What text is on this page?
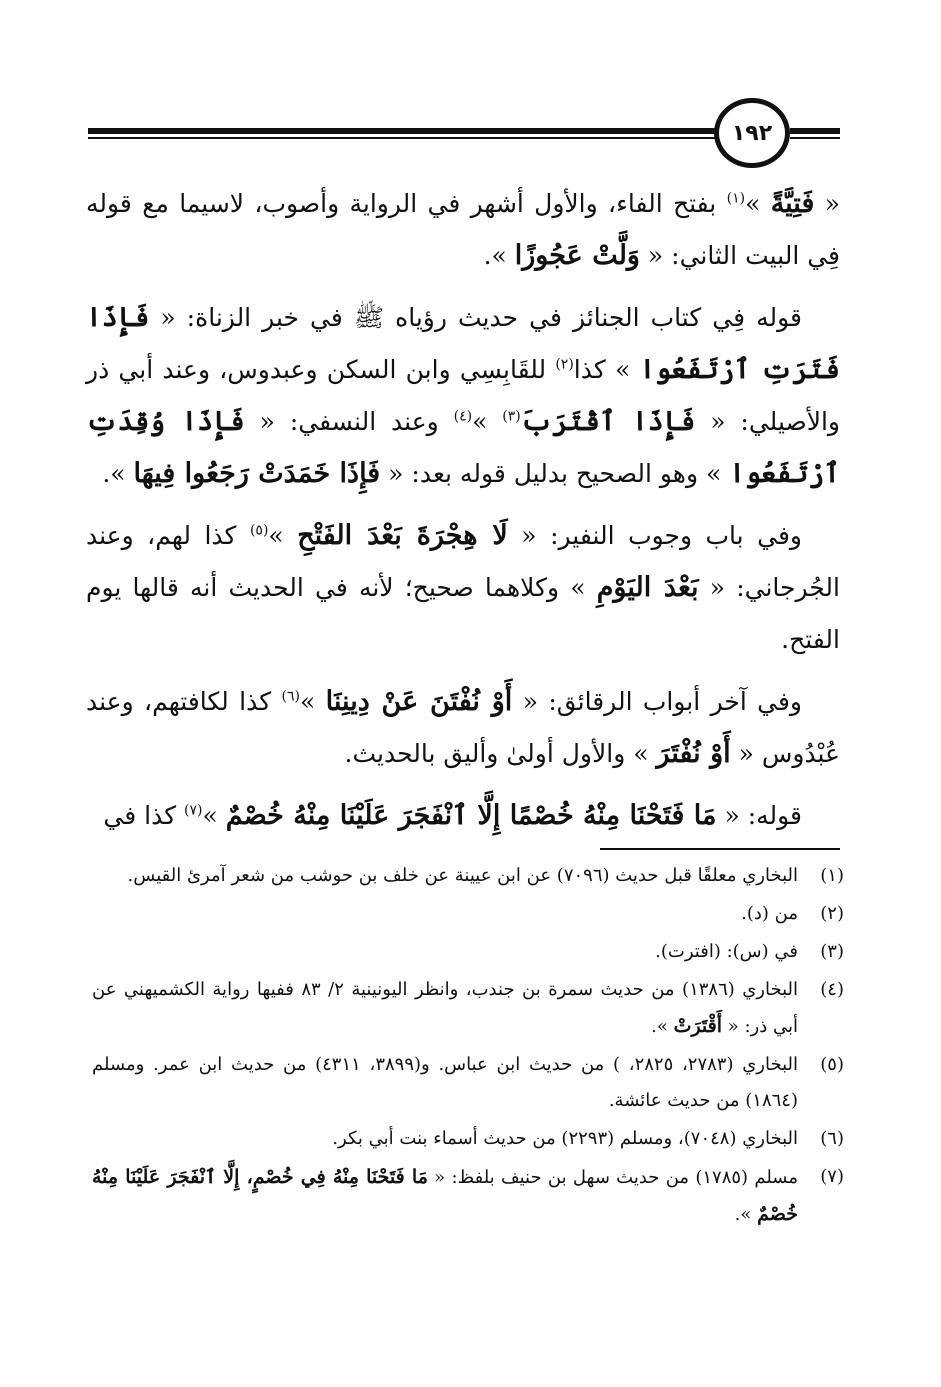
١٩٢

« فَتِيَّةً »$^{(١)}$ بفتح الفاء، والأول أشهر في الرواية وأصوب، لاسيما مع قوله فِي البيت الثاني: « وَلَّتْ عَجُوزًا ».

قوله فِي كتاب الجنائز في حديث رؤياه ﷺ في خبر الزناة: « فَإِذَا فَتَرَتِ ٱرْتَفَعُوا » كذا$^{(٢)}$ للقَابِسِي وابن السكن وعبدوس، وعند أبي ذر والأصيلي: « فَإِذَا ٱقْتَرَبَ$^{(٣)}$ »$^{(٤)}$ وعند النسفي: « فَإِذَا وُقِدَتِ ٱرْتَفَعُوا » وهو الصحيح بدليل قوله بعد: « فَإِذَا خَمَدَتْ رَجَعُوا فِيهَا ».

وفي باب وجوب النفير: « لَا هِجْرَةَ بَعْدَ الفَتْحِ »$^{(٥)}$ كذا لهم، وعند الجُرجاني: « بَعْدَ اليَوْمِ » وكلاهما صحيح؛ لأنه في الحديث أنه قالها يوم الفتح.

وفي آخر أبواب الرقائق: « أَوْ نُفْتَنَ عَنْ دِينِنَا »$^{(٦)}$ كذا لكافتهم، وعند عُبْدُوس « أَوْ نُفْتَرَ » والأول أولىٰ وأليق بالحديث.

قوله: « مَا فَتَحْنَا مِنْهُ خُصْمًا إِلَّا ٱنْفَجَرَ عَلَيْنَا مِنْهُ خُصْمٌ »$^{(٧)}$ كذا في

(١)
البخاري معلقًا قبل حديث (٧٠٩٦) عن ابن عيينة عن خلف بن حوشب من شعر آمرئ القيس.
(٢)
من (د).
(٣)
في (س): (افترت).
(٤)
البخاري (١٣٨٦) من حديث سمرة بن جندب، وانظر اليونينية ٢/ ٨٣ ففيها رواية الكشميهني عن أبي ذر: « أَقْتَرَتْ ».
(٥)
البخاري (٢٧٨٣، ٢٨٢٥، ) من حديث ابن عباس. و(٣٨٩٩، ٤٣١١) من حديث ابن عمر. ومسلم (١٨٦٤) من حديث عائشة.
(٦)
البخاري (٧٠٤٨)، ومسلم (٢٢٩٣) من حديث أسماء بنت أبي بكر.
(٧)
مسلم (١٧٨٥) من حديث سهل بن حنيف بلفظ: « مَا فَتَحْنَا مِنْهُ فِي خُصْمٍ، إِلَّا ٱنْفَجَرَ عَلَيْنَا مِنْهُ خُصْمٌ ».
